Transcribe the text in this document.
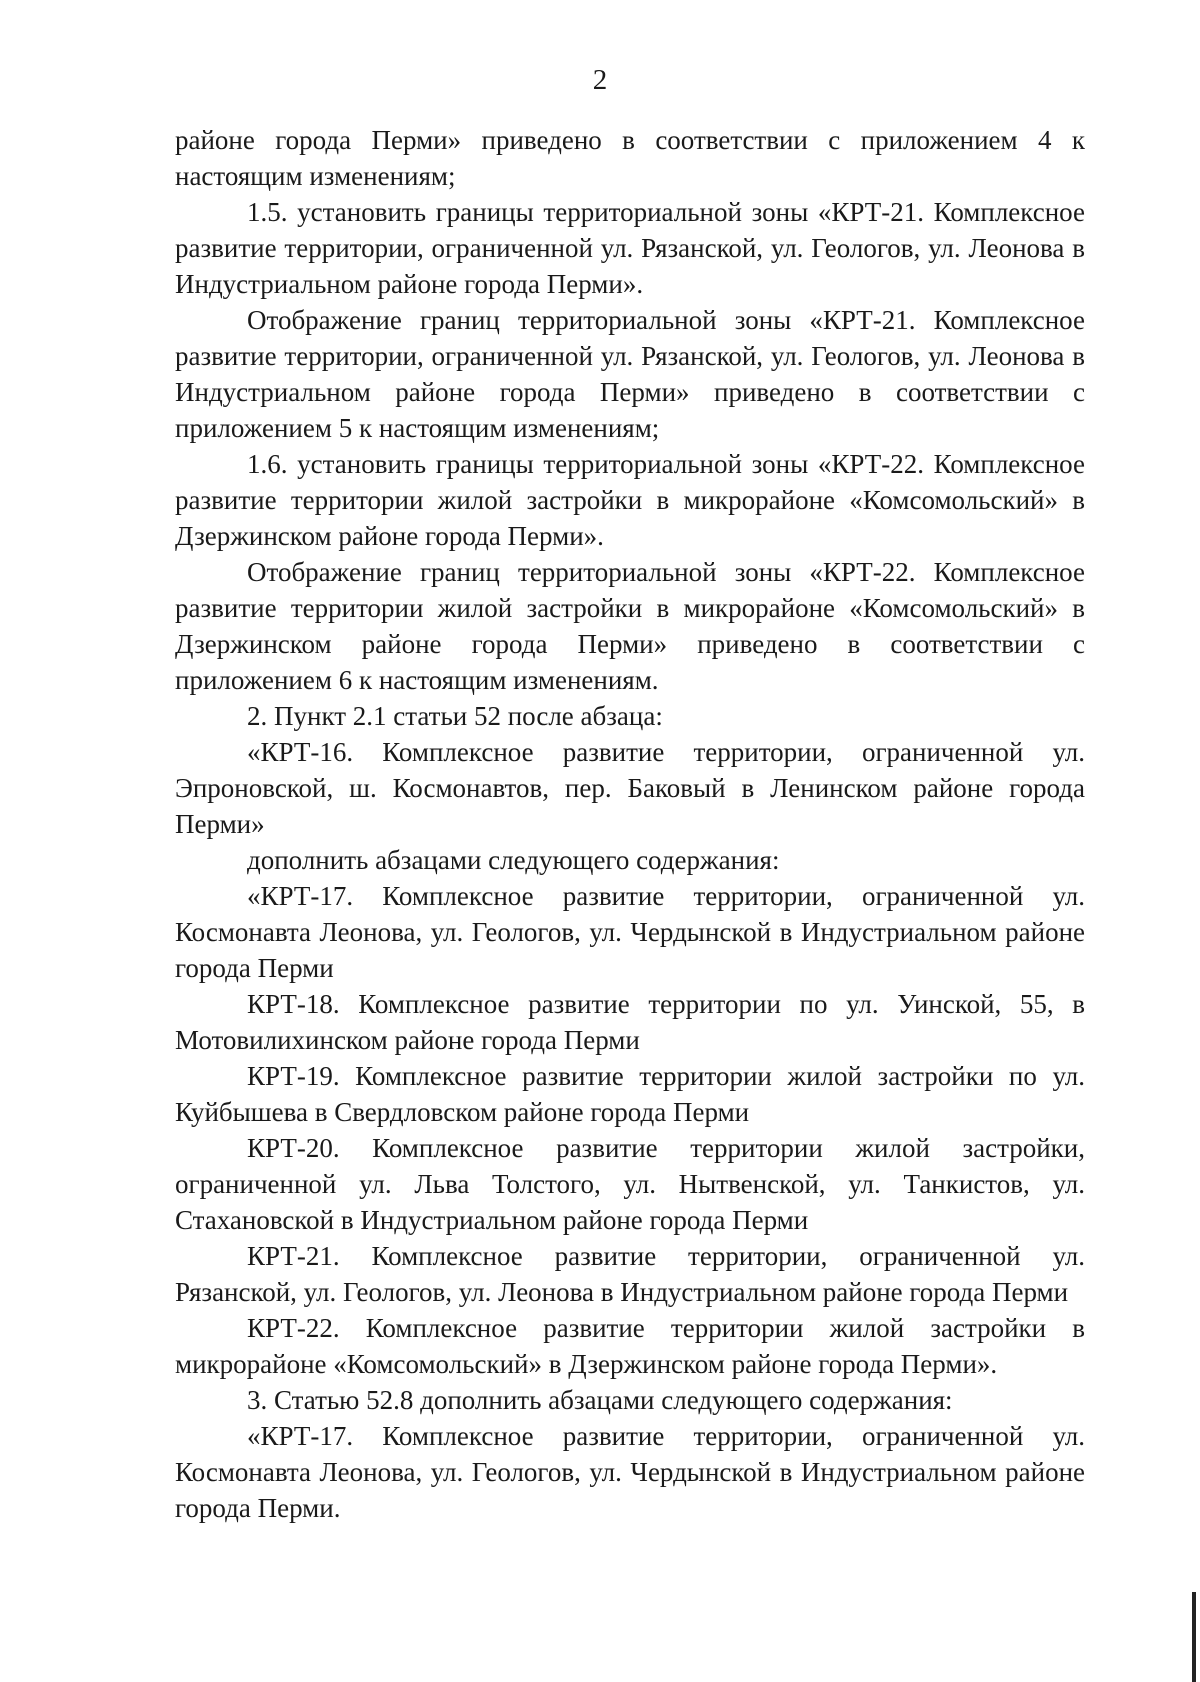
2

районе города Перми» приведено в соответствии с приложением 4 к настоящим изменениям;

1.5. установить границы территориальной зоны «КРТ-21. Комплексное развитие территории, ограниченной ул. Рязанской, ул. Геологов, ул. Леонова в Индустриальном районе города Перми».

Отображение границ территориальной зоны «КРТ-21. Комплексное развитие территории, ограниченной ул. Рязанской, ул. Геологов, ул. Леонова в Индустриальном районе города Перми» приведено в соответствии с приложением 5 к настоящим изменениям;

1.6. установить границы территориальной зоны «КРТ-22. Комплексное развитие территории жилой застройки в микрорайоне «Комсомольский» в Дзержинском районе города Перми».

Отображение границ территориальной зоны «КРТ-22. Комплексное развитие территории жилой застройки в микрорайоне «Комсомольский» в Дзержинском районе города Перми» приведено в соответствии с приложением 6 к настоящим изменениям.

2. Пункт 2.1 статьи 52 после абзаца:

«КРТ-16. Комплексное развитие территории, ограниченной ул. Эпроновской, ш. Космонавтов, пер. Баковый в Ленинском районе города Перми»

дополнить абзацами следующего содержания:

«КРТ-17. Комплексное развитие территории, ограниченной ул. Космонавта Леонова, ул. Геологов, ул. Чердынской в Индустриальном районе города Перми

КРТ-18. Комплексное развитие территории по ул. Уинской, 55, в Мотовилихинском районе города Перми

КРТ-19. Комплексное развитие территории жилой застройки по ул. Куйбышева в Свердловском районе города Перми

КРТ-20. Комплексное развитие территории жилой застройки, ограниченной ул. Льва Толстого, ул. Нытвенской, ул. Танкистов, ул. Стахановской в Индустриальном районе города Перми

КРТ-21. Комплексное развитие территории, ограниченной ул. Рязанской, ул. Геологов, ул. Леонова в Индустриальном районе города Перми

КРТ-22. Комплексное развитие территории жилой застройки в микрорайоне «Комсомольский» в Дзержинском районе города Перми».

3. Статью 52.8 дополнить абзацами следующего содержания:

«КРТ-17. Комплексное развитие территории, ограниченной ул. Космонавта Леонова, ул. Геологов, ул. Чердынской в Индустриальном районе города Перми.
